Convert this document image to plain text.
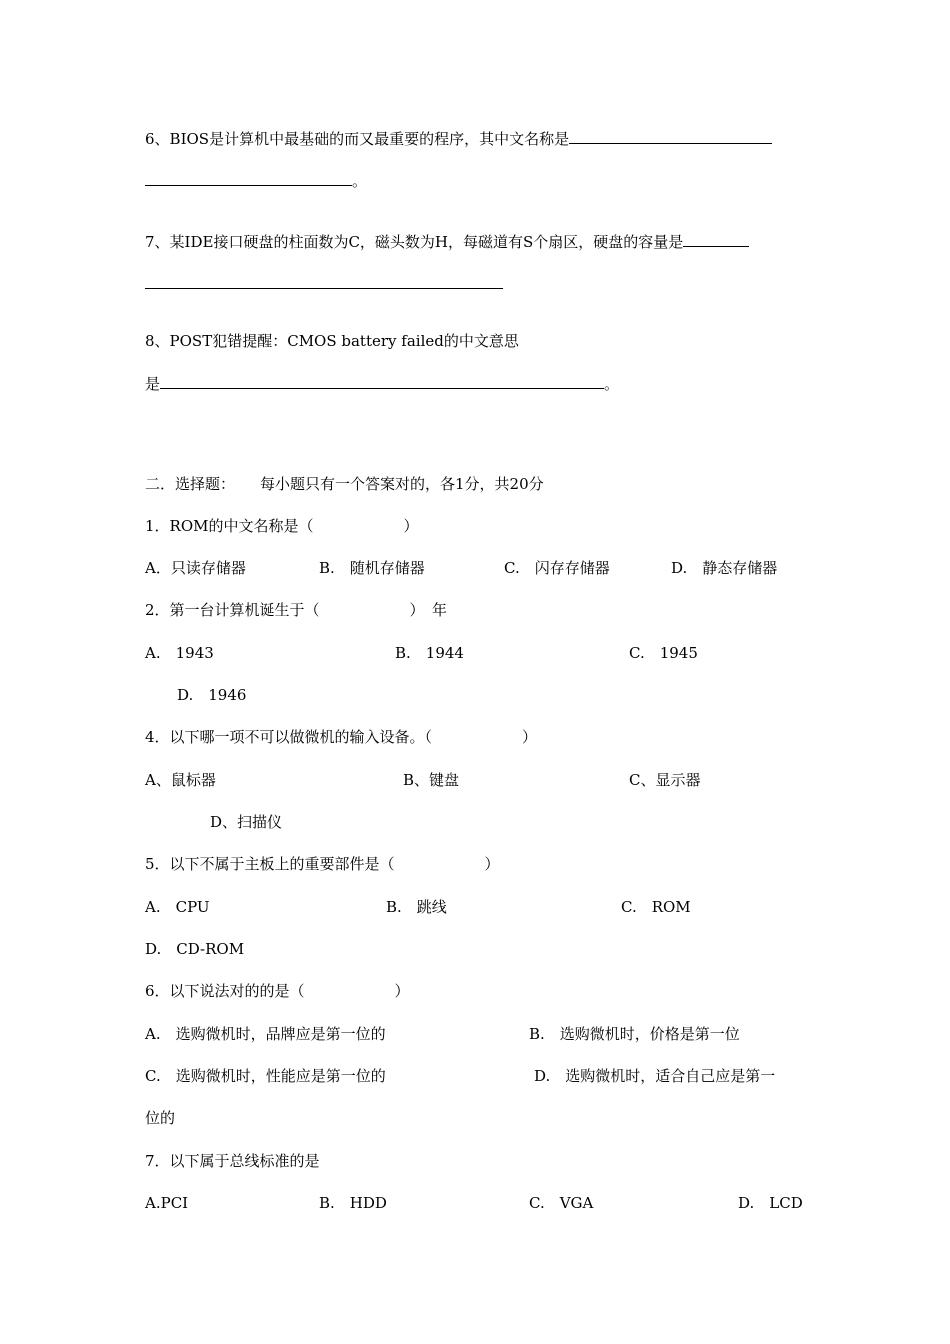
6、BIOS是计算机中最基础的而又最重要的程序，其中文名称是
。
7、某IDE接口硬盘的柱面数为C，磁头数为H，每磁道有S个扇区，硬盘的容量是
8、POST犯错提醒：CMOS battery failed的中文意思
是	。
二．选择题： 每小题只有一个答案对的，各1分，共20分
1．ROM的中文名称是（　　　　　　）
A．只读存储器	B.　随机存储器	C.　闪存存储器	D.　静态存储器
2．第一台计算机诞生于（　　　　　　）　年
A.　1943	B.　1944	C.　1945
D.　1946
4．以下哪一项不可以做微机的输入设备。（　　　　　　）
A、鼠标器	B、键盘	C、显示器
D、扫描仪
5．以下不属于主板上的重要部件是（　　　　　　）
A.　CPU	B.　跳线	C.　ROM
D.　CD-ROM
6．以下说法对的的是（　　　　　　）
A.　选购微机时，品牌应是第一位的	B.　选购微机时，价格是第一位
C.　选购微机时，性能应是第一位的	D.　选购微机时，适合自己应是第一
位的
7．以下属于总线标准的是
A.PCI	B.　HDD	C.　VGA	D.　LCD
